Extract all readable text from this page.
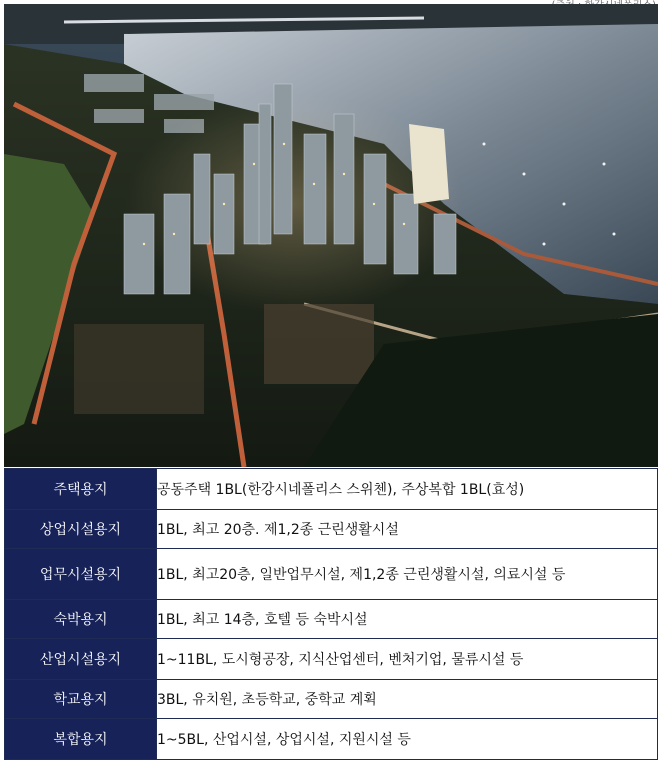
주택용지	공동주택 1BL(한강시네폴리스 스위첸), 주상복합 1BL(효성)
상업시설용지	1BL, 최고 20층. 제1,2종 근린생활시설
업무시설용지	1BL, 최고20층, 일반업무시설, 제1,2종 근린생활시설, 의료시설 등
숙박용지	1BL, 최고 14층, 호텔 등 숙박시설
산업시설용지	1~11BL, 도시형공장, 지식산업센터, 벤처기업, 물류시설 등
학교용지	3BL, 유치원, 초등학교, 중학교 계획
복합용지	1~5BL, 산업시설, 상업시설, 지원시설 등
